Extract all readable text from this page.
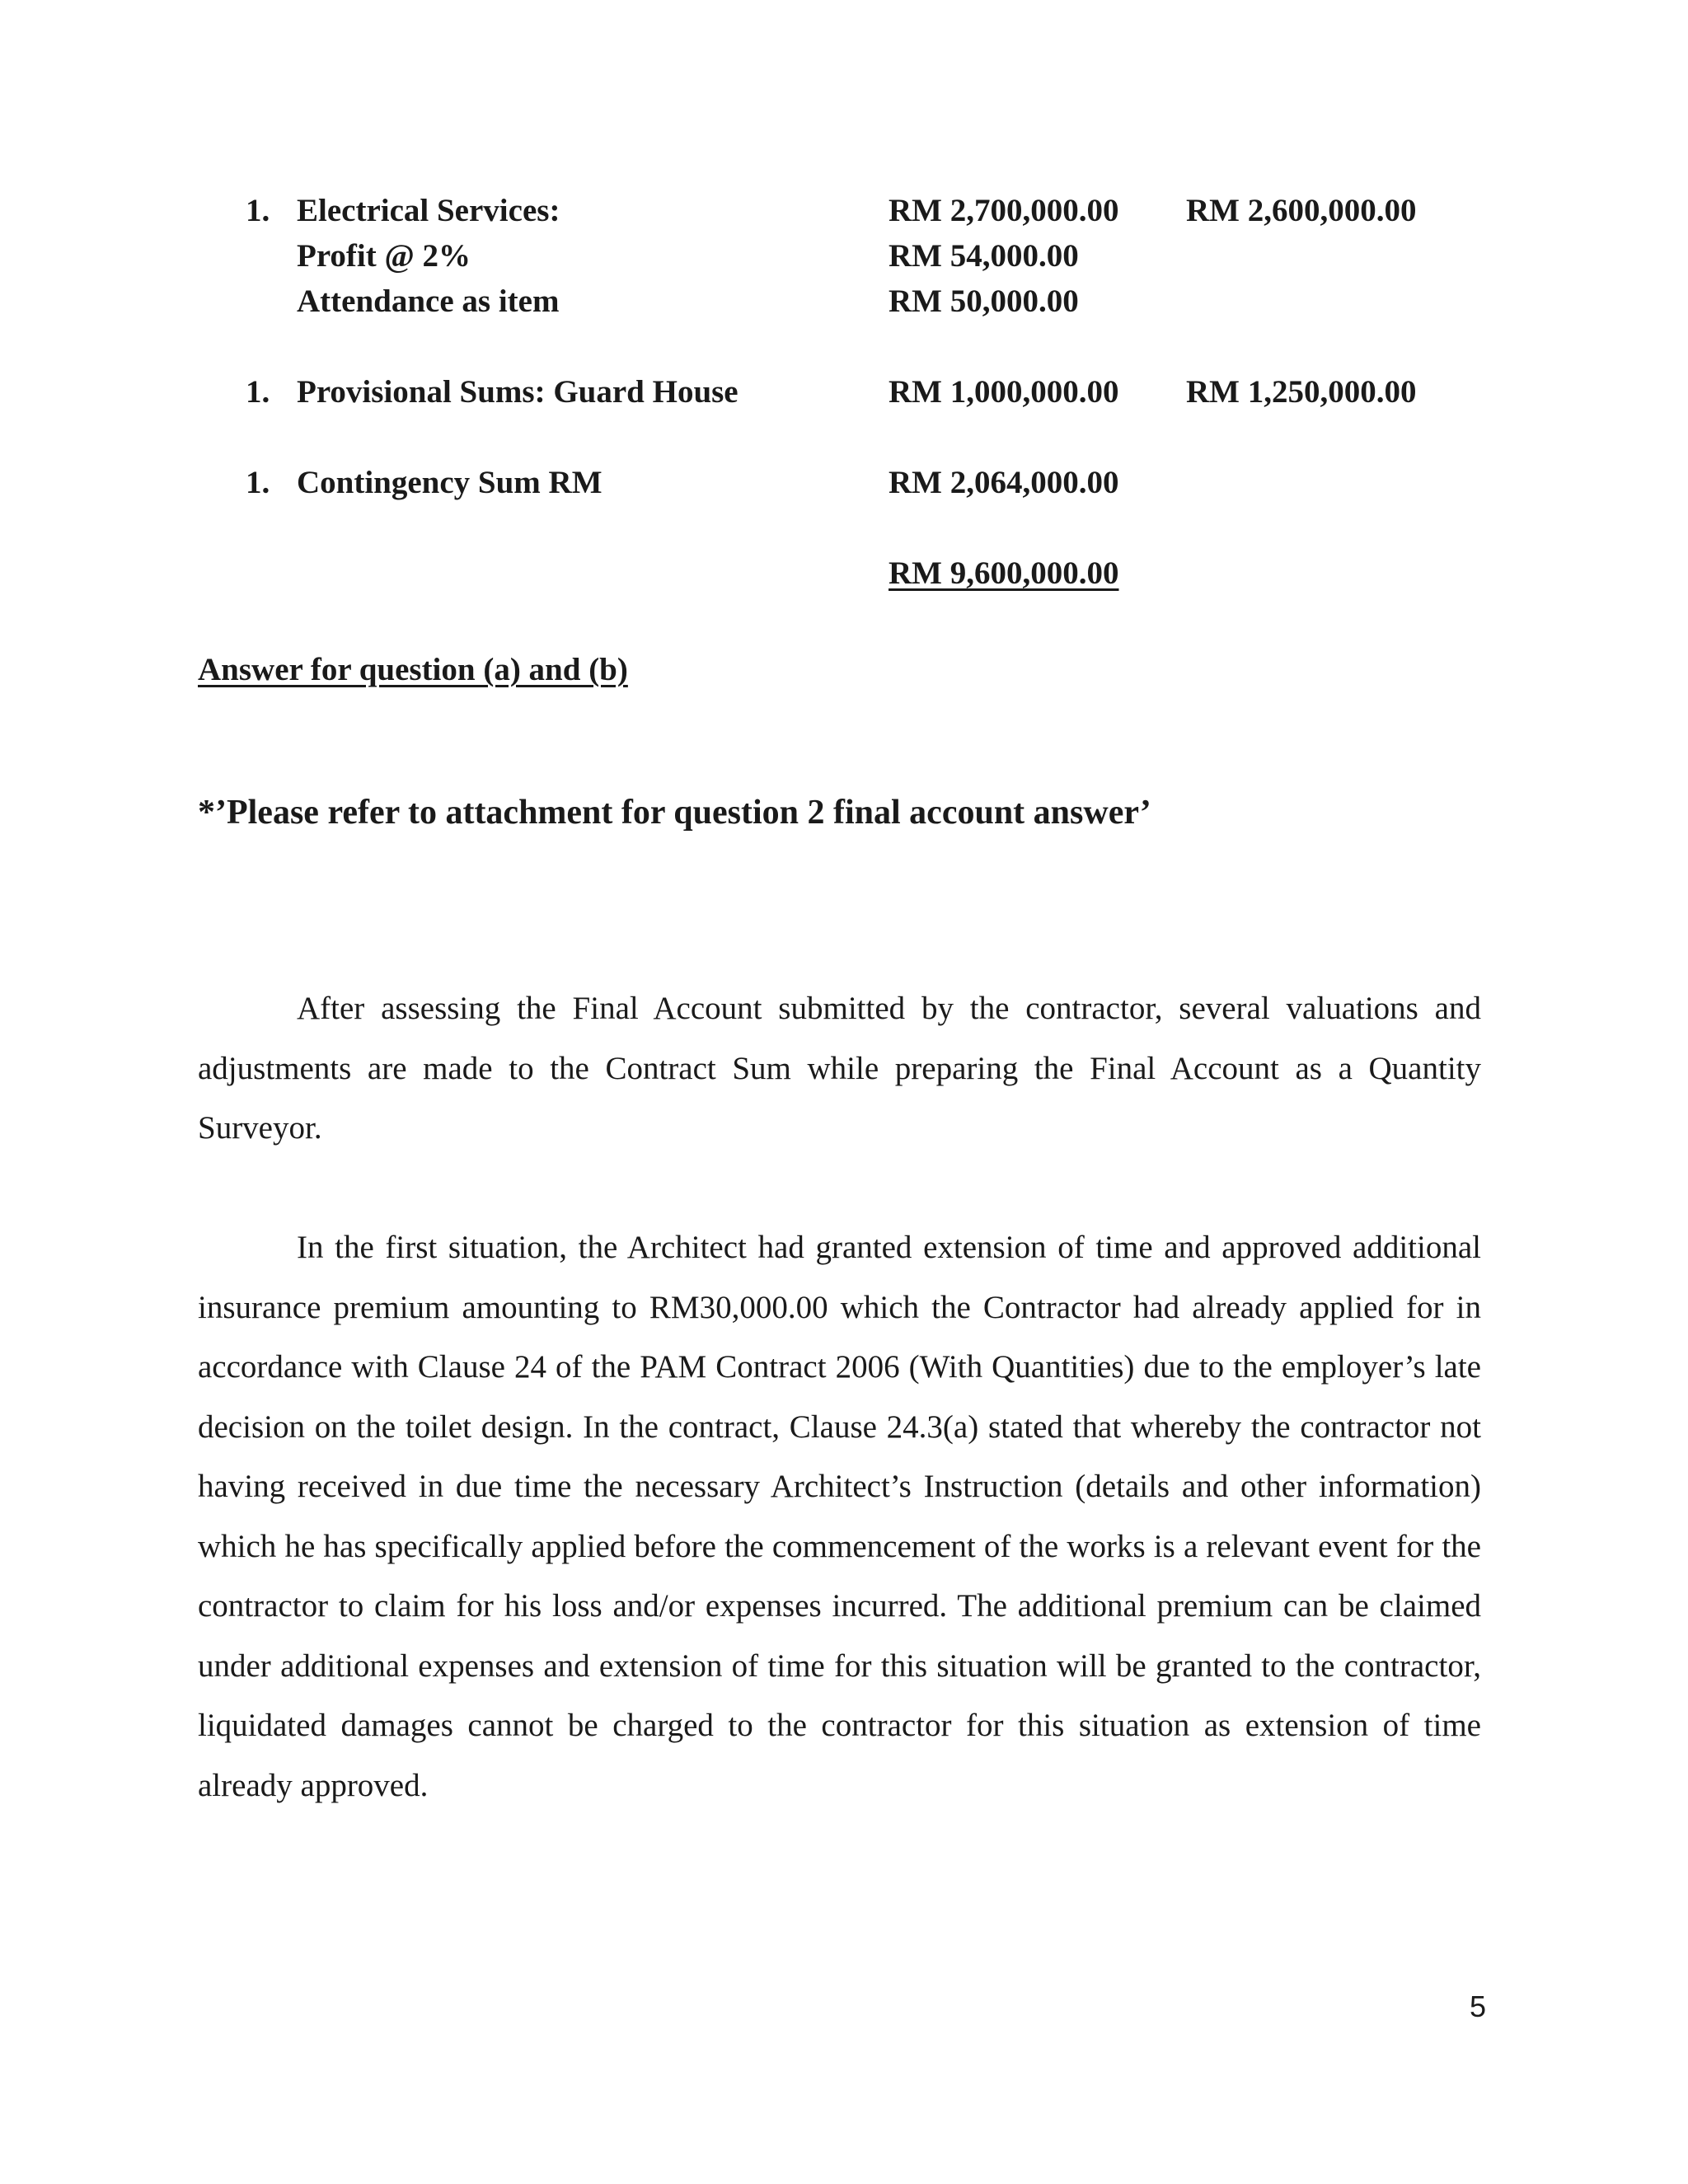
1. Electrical Services:	RM 2,700,000.00 RM 2,600,000.00
Profit @ 2%	RM 54,000.00
Attendance as item	RM 50,000.00
1. Provisional Sums: Guard House	RM 1,000,000.00 RM 1,250,000.00
1. Contingency Sum RM	RM 2,064,000.00
RM 9,600,000.00
Answer for question (a) and (b)
*’Please refer to attachment for question 2 final account answer’

After assessing the Final Account submitted by the contractor, several valuations and adjustments are made to the Contract Sum while preparing the Final Account as a Quantity Surveyor.

In the first situation, the Architect had granted extension of time and approved additional insurance premium amounting to RM30,000.00 which the Contractor had already applied for in accordance with Clause 24 of the PAM Contract 2006 (With Quantities) due to the employer’s late decision on the toilet design. In the contract, Clause 24.3(a) stated that whereby the contractor not having received in due time the necessary Architect’s Instruction (details and other information) which he has specifically applied before the commencement of the works is a relevant event for the contractor to claim for his loss and/or expenses incurred. The additional premium can be claimed under additional expenses and extension of time for this situation will be granted to the contractor, liquidated damages cannot be charged to the contractor for this situation as extension of time already approved.

5
